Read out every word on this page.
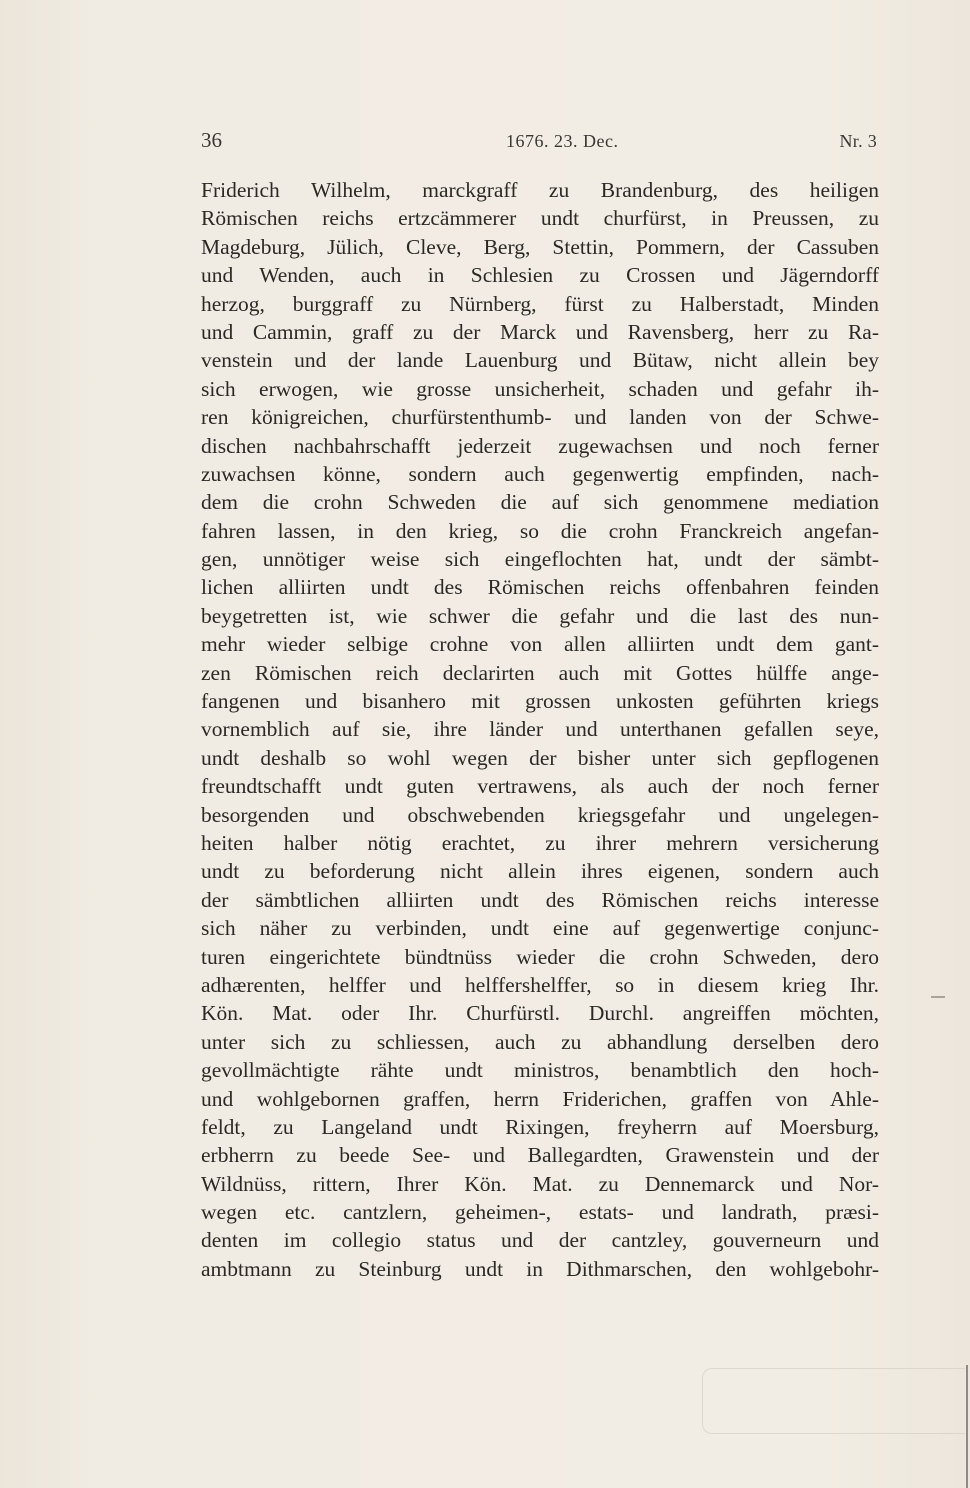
36	1676. 23. Dec.	Nr. 3
Friderich Wilhelm, marckgraff zu Brandenburg, des heiligen
Römischen reichs ertzcämmerer undt churfürst, in Preussen, zu
Magdeburg, Jülich, Cleve, Berg, Stettin, Pommern, der Cassuben
und Wenden, auch in Schlesien zu Crossen und Jägerndorff
herzog, burggraff zu Nürnberg, fürst zu Halberstadt, Minden
und Cammin, graff zu der Marck und Ravensberg, herr zu Ra-
venstein und der lande Lauenburg und Bütaw, nicht allein bey
sich erwogen, wie grosse unsicherheit, schaden und gefahr ih-
ren königreichen, churfürstenthumb- und landen von der Schwe-
dischen nachbahrschafft jederzeit zugewachsen und noch ferner
zuwachsen könne, sondern auch gegenwertig empfinden, nach-
dem die crohn Schweden die auf sich genommene mediation
fahren lassen, in den krieg, so die crohn Franckreich angefan-
gen, unnötiger weise sich eingeflochten hat, undt der sämbt-
lichen alliirten undt des Römischen reichs offenbahren feinden
beygetretten ist, wie schwer die gefahr und die last des nun-
mehr wieder selbige crohne von allen alliirten undt dem gant-
zen Römischen reich declarirten auch mit Gottes hülffe ange-
fangenen und bisanhero mit grossen unkosten geführten kriegs
vornemblich auf sie, ihre länder und unterthanen gefallen seye,
undt deshalb so wohl wegen der bisher unter sich gepflogenen
freundtschafft undt guten vertrawens, als auch der noch ferner
besorgenden und obschwebenden kriegsgefahr und ungelegen-
heiten halber nötig erachtet, zu ihrer mehrern versicherung
undt zu beforderung nicht allein ihres eigenen, sondern auch
der sämbtlichen alliirten undt des Römischen reichs interesse
sich näher zu verbinden, undt eine auf gegenwertige conjunc-
turen eingerichtete bündtnüss wieder die crohn Schweden, dero
adhærenten, helffer und helffershelffer, so in diesem krieg Ihr.
Kön. Mat. oder Ihr. Churfürstl. Durchl. angreiffen möchten,
unter sich zu schliessen, auch zu abhandlung derselben dero
gevollmächtigte rähte undt ministros, benambtlich den hoch-
und wohlgebornen graffen, herrn Friderichen, graffen von Ahle-
feldt, zu Langeland undt Rixingen, freyherrn auf Moersburg,
erbherrn zu beede See- und Ballegardten, Grawenstein und der
Wildnüss, rittern, Ihrer Kön. Mat. zu Dennemarck und Nor-
wegen etc. cantzlern, geheimen-, estats- und landrath, præsi-
denten im collegio status und der cantzley, gouverneurn und
ambtmann zu Steinburg undt in Dithmarschen, den wohlgebohr-
